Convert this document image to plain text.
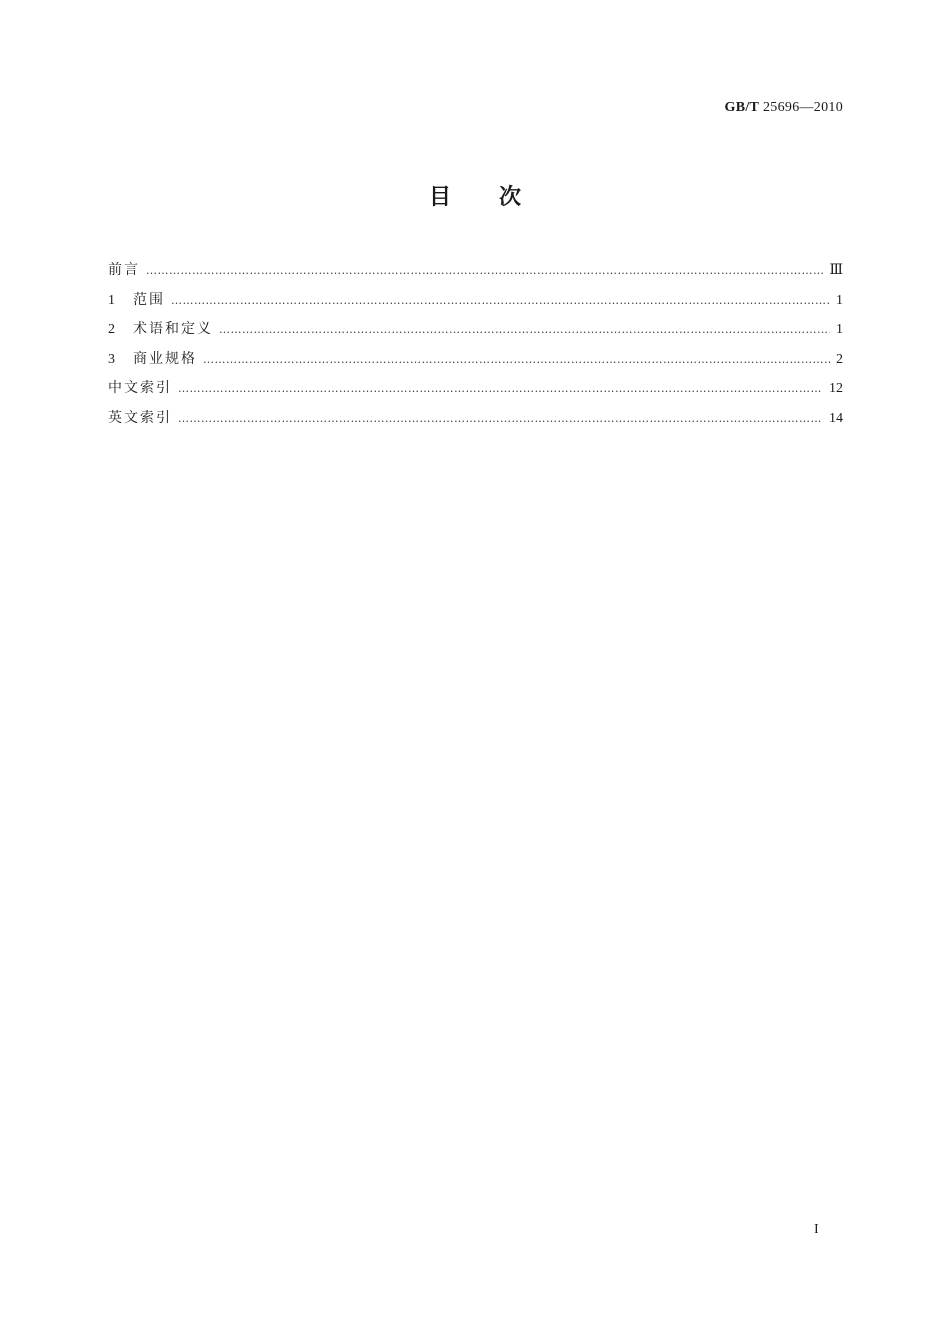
GB/T 25696—2010
目次
前言 …………………………………………………………………………………………………………………………………………………………………………………………………………………………………	Ⅲ
1	范围 …………………………………………………………………………………………………………………………………………………………………………………………………………………………………	1
2	术语和定义 …………………………………………………………………………………………………………………………………………………………………………………………………………………………………	1
3	商业规格 …………………………………………………………………………………………………………………………………………………………………………………………………………………………………	2
中文索引 …………………………………………………………………………………………………………………………………………………………………………………………………………………………………	12
英文索引 …………………………………………………………………………………………………………………………………………………………………………………………………………………………………	14
I
